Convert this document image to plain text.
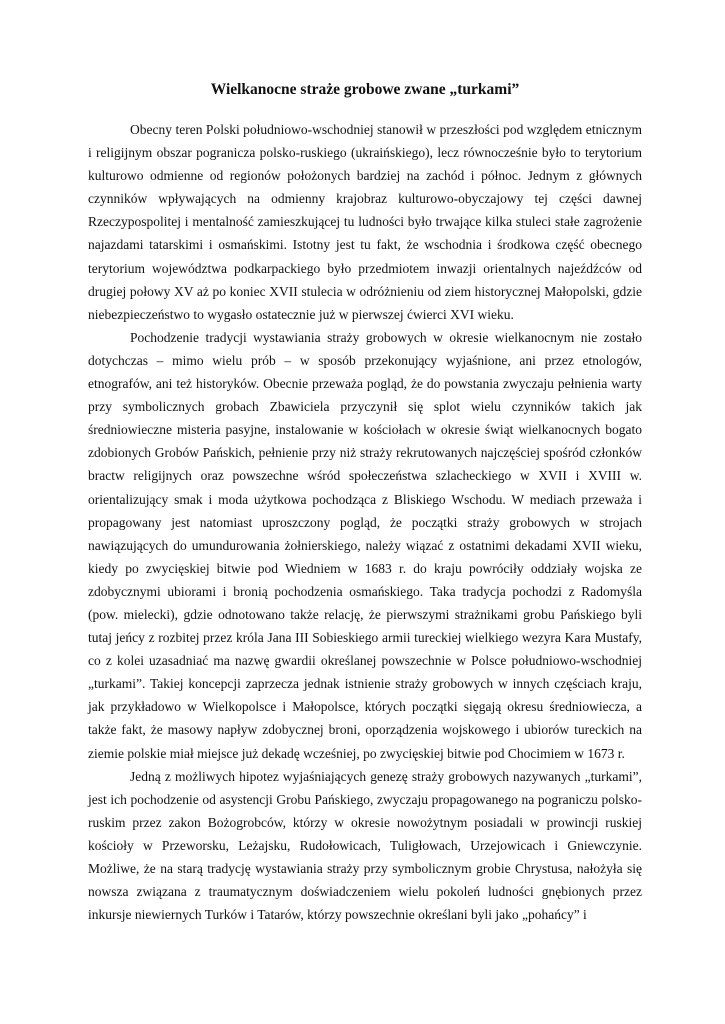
Wielkanocne straże grobowe zwane „turkami”

Obecny teren Polski południowo-wschodniej stanowił w przeszłości pod względem etnicznym i religijnym obszar pogranicza polsko-ruskiego (ukraińskiego), lecz równocześnie było to terytorium kulturowo odmienne od regionów położonych bardziej na zachód i północ. Jednym z głównych czynników wpływających na odmienny krajobraz kulturowo-obyczajowy tej części dawnej Rzeczypospolitej i mentalność zamieszkującej tu ludności było trwające kilka stuleci stałe zagrożenie najazdami tatarskimi i osmańskimi. Istotny jest tu fakt, że wschodnia i środkowa część obecnego terytorium województwa podkarpackiego było przedmiotem inwazji orientalnych najeźdźców od drugiej połowy XV aż po koniec XVII stulecia w odróżnieniu od ziem historycznej Małopolski, gdzie niebezpieczeństwo to wygasło ostatecznie już w pierwszej ćwierci XVI wieku.

Pochodzenie tradycji wystawiania straży grobowych w okresie wielkanocnym nie zostało dotychczas – mimo wielu prób – w sposób przekonujący wyjaśnione, ani przez etnologów, etnografów, ani też historyków. Obecnie przeważa pogląd, że do powstania zwyczaju pełnienia warty przy symbolicznych grobach Zbawiciela przyczynił się splot wielu czynników takich jak średniowieczne misteria pasyjne, instalowanie w kościołach w okresie świąt wielkanocnych bogato zdobionych Grobów Pańskich, pełnienie przy niż straży rekrutowanych najczęściej spośród członków bractw religijnych oraz powszechne wśród społeczeństwa szlacheckiego w XVII i XVIII w. orientalizujący smak i moda użytkowa pochodząca z Bliskiego Wschodu. W mediach przeważa i propagowany jest natomiast uproszczony pogląd, że początki straży grobowych w strojach nawiązujących do umundurowania żołnierskiego, należy wiązać z ostatnimi dekadami XVII wieku, kiedy po zwycięskiej bitwie pod Wiedniem w 1683 r. do kraju powróciły oddziały wojska ze zdobycznymi ubiorami i bronią pochodzenia osmańskiego. Taka tradycja pochodzi z Radomyśla (pow. mielecki), gdzie odnotowano także relację, że pierwszymi strażnikami grobu Pańskiego byli tutaj jeńcy z rozbitej przez króla Jana III Sobieskiego armii tureckiej wielkiego wezyra Kara Mustafy, co z kolei uzasadniać ma nazwę gwardii określanej powszechnie w Polsce południowo-wschodniej „turkami”. Takiej koncepcji zaprzecza jednak istnienie straży grobowych w innych częściach kraju, jak przykładowo w Wielkopolsce i Małopolsce, których początki sięgają okresu średniowiecza, a także fakt, że masowy napływ zdobycznej broni, oporządzenia wojskowego i ubiorów tureckich na ziemie polskie miał miejsce już dekadę wcześniej, po zwycięskiej bitwie pod Chocimiem w 1673 r.

Jedną z możliwych hipotez wyjaśniających genezę straży grobowych nazywanych „turkami”, jest ich pochodzenie od asystencji Grobu Pańskiego, zwyczaju propagowanego na pograniczu polsko-ruskim przez zakon Bożogrobców, którzy w okresie nowożytnym posiadali w prowincji ruskiej kościoły w Przeworsku, Leżajsku, Rudołowicach, Tuligłowach, Urzejowicach i Gniewczynie. Możliwe, że na starą tradycję wystawiania straży przy symbolicznym grobie Chrystusa, nałożyła się nowsza związana z traumatycznym doświadczeniem wielu pokoleń ludności gnębionych przez inkursje niewiernych Turków i Tatarów, którzy powszechnie określani byli jako „pohańcy” i
